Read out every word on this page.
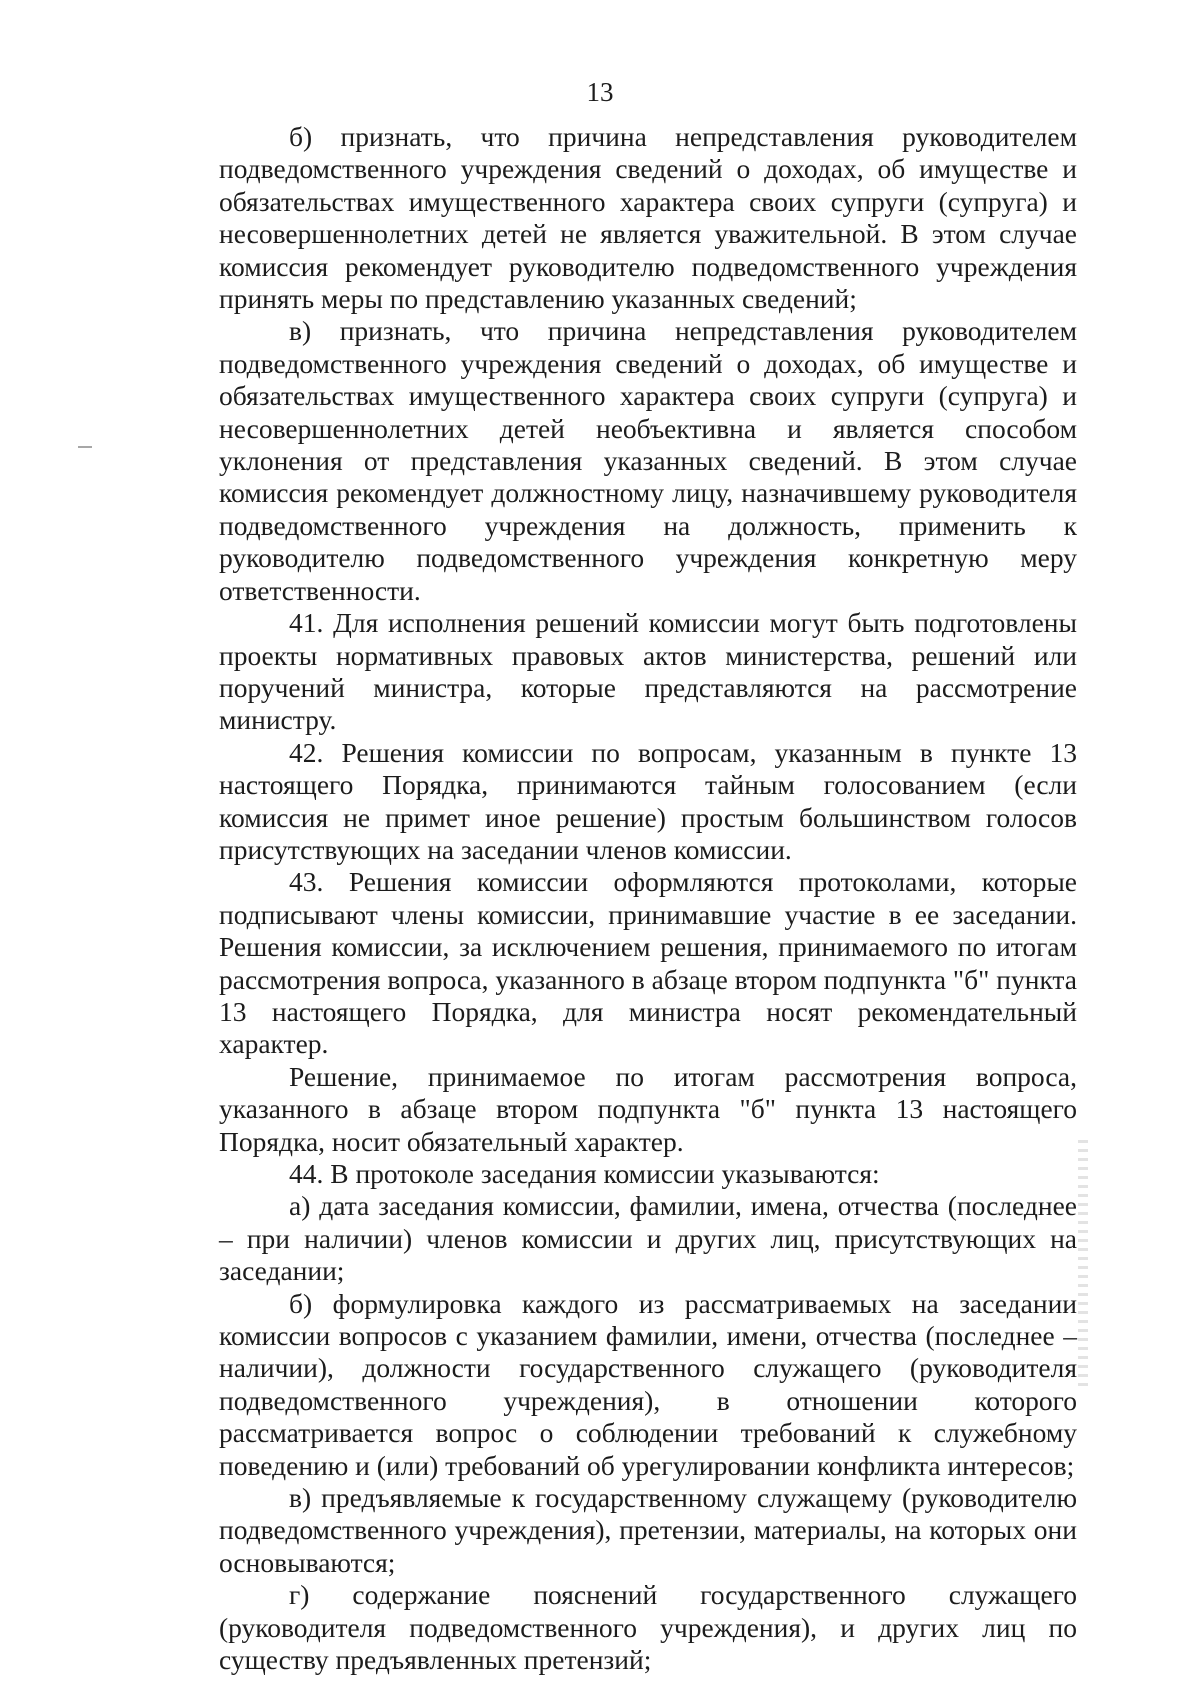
13

б) признать, что причина непредставления руководителем подведомственного учреждения сведений о доходах, об имуществе и обязательствах имущественного характера своих супруги (супруга) и несовершеннолетних детей не является уважительной. В этом случае комиссия рекомендует руководителю подведомственного учреждения принять меры по представлению указанных сведений;

в) признать, что причина непредставления руководителем подведомственного учреждения сведений о доходах, об имуществе и обязательствах имущественного характера своих супруги (супруга) и несовершеннолетних детей необъективна и является способом уклонения от представления указанных сведений. В этом случае комиссия рекомендует должностному лицу, назначившему руководителя подведомственного учреждения на должность, применить к руководителю подведомственного учреждения конкретную меру ответственности.

41. Для исполнения решений комиссии могут быть подготовлены проекты нормативных правовых актов министерства, решений или поручений министра, которые представляются на рассмотрение министру.

42. Решения комиссии по вопросам, указанным в пункте 13 настоящего Порядка, принимаются тайным голосованием (если комиссия не примет иное решение) простым большинством голосов присутствующих на заседании членов комиссии.

43. Решения комиссии оформляются протоколами, которые подписывают члены комиссии, принимавшие участие в ее заседании. Решения комиссии, за исключением решения, принимаемого по итогам рассмотрения вопроса, указанного в абзаце втором подпункта "б" пункта 13 настоящего Порядка, для министра носят рекомендательный характер.

Решение, принимаемое по итогам рассмотрения вопроса, указанного в абзаце втором подпункта "б" пункта 13 настоящего Порядка, носит обязательный характер.

44. В протоколе заседания комиссии указываются:

а) дата заседания комиссии, фамилии, имена, отчества (последнее – при наличии) членов комиссии и других лиц, присутствующих на заседании;

б) формулировка каждого из рассматриваемых на заседании комиссии вопросов с указанием фамилии, имени, отчества (последнее – наличии), должности государственного служащего (руководителя подведомственного учреждения), в отношении которого рассматривается вопрос о соблюдении требований к служебному поведению и (или) требований об урегулировании конфликта интересов;

в) предъявляемые к государственному служащему (руководителю подведомственного учреждения), претензии, материалы, на которых они основываются;

г) содержание пояснений государственного служащего (руководителя подведомственного учреждения), и других лиц по существу предъявленных претензий;
